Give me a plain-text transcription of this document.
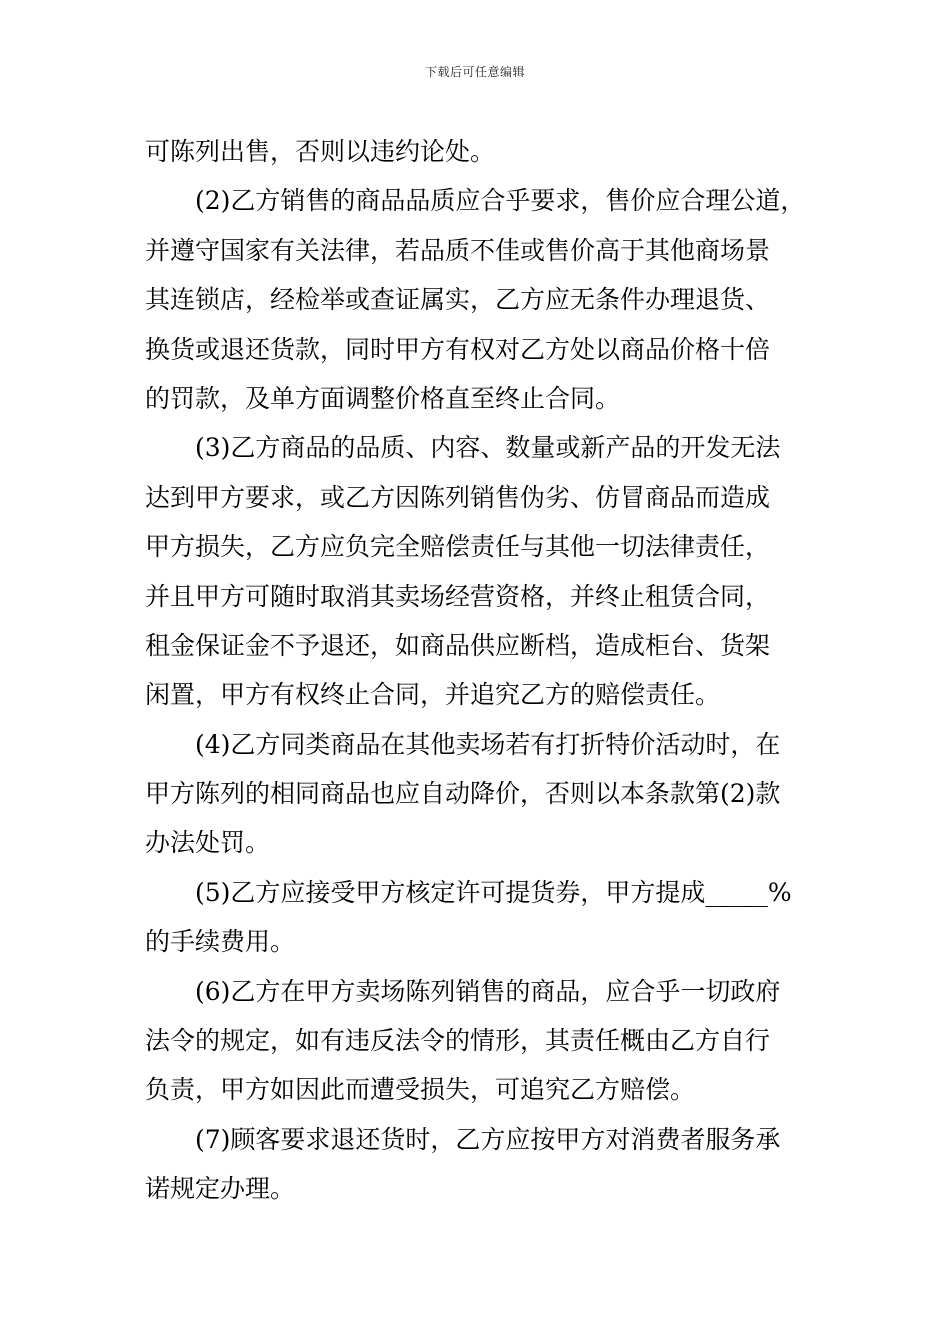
下载后可任意编辑
可陈列出售，否则以违约论处。
(2)乙方销售的商品品质应合乎要求，售价应合理公道，
并遵守国家有关法律，若品质不佳或售价高于其他商场景
其连锁店，经检举或查证属实，乙方应无条件办理退货、
换货或退还货款，同时甲方有权对乙方处以商品价格十倍
的罚款，及单方面调整价格直至终止合同。
(3)乙方商品的品质、内容、数量或新产品的开发无法
达到甲方要求，或乙方因陈列销售伪劣、仿冒商品而造成
甲方损失，乙方应负完全赔偿责任与其他一切法律责任，
并且甲方可随时取消其卖场经营资格，并终止租赁合同，
租金保证金不予退还，如商品供应断档，造成柜台、货架
闲置，甲方有权终止合同，并追究乙方的赔偿责任。
(4)乙方同类商品在其他卖场若有打折特价活动时，在
甲方陈列的相同商品也应自动降价，否则以本条款第(2)款
办法处罚。
(5)乙方应接受甲方核定许可提货券，甲方提成_____%
的手续费用。
(6)乙方在甲方卖场陈列销售的商品，应合乎一切政府
法令的规定，如有违反法令的情形，其责任概由乙方自行
负责，甲方如因此而遭受损失，可追究乙方赔偿。
(7)顾客要求退还货时，乙方应按甲方对消费者服务承
诺规定办理。
